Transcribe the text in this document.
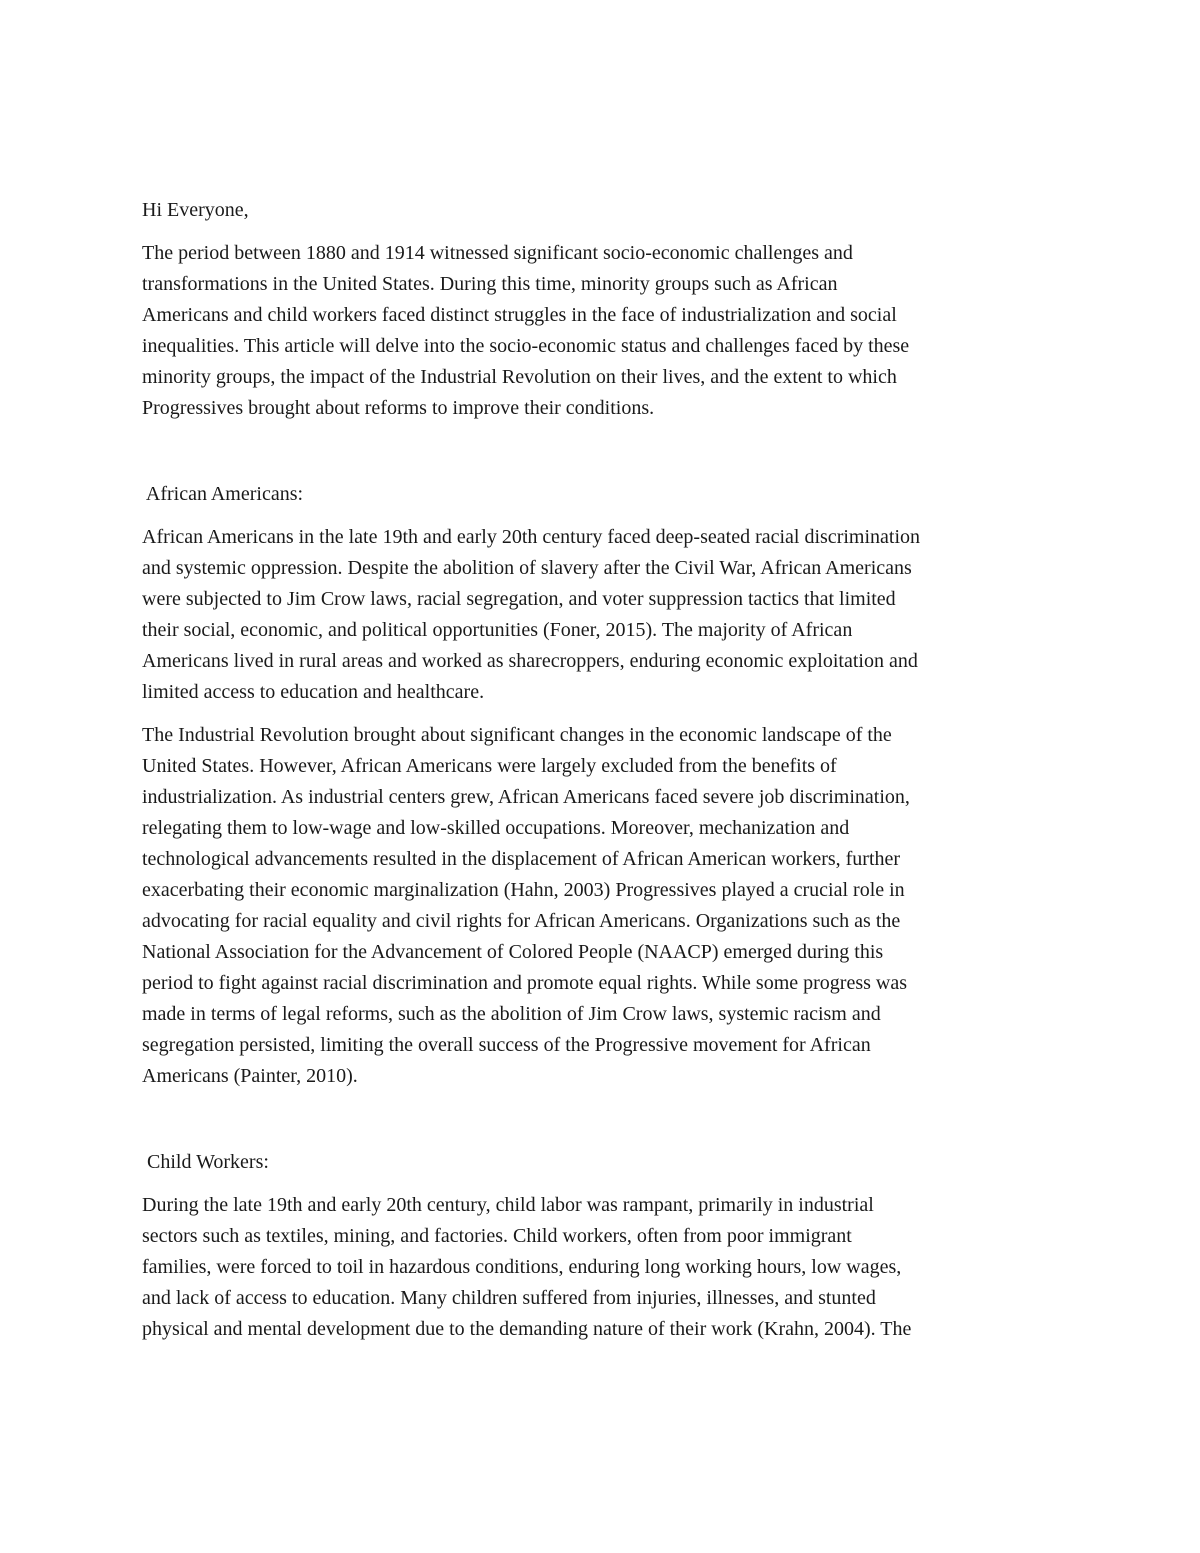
Hi Everyone,

The period between 1880 and 1914 witnessed significant socio-economic challenges and

transformations in the United States. During this time, minority groups such as African

Americans and child workers faced distinct struggles in the face of industrialization and social

inequalities. This article will delve into the socio-economic status and challenges faced by these

minority groups, the impact of the Industrial Revolution on their lives, and the extent to which

Progressives brought about reforms to improve their conditions.

African Americans:

African Americans in the late 19th and early 20th century faced deep-seated racial discrimination

and systemic oppression. Despite the abolition of slavery after the Civil War, African Americans

were subjected to Jim Crow laws, racial segregation, and voter suppression tactics that limited

their social, economic, and political opportunities (Foner, 2015). The majority of African

Americans lived in rural areas and worked as sharecroppers, enduring economic exploitation and

limited access to education and healthcare.

The Industrial Revolution brought about significant changes in the economic landscape of the

United States. However, African Americans were largely excluded from the benefits of

industrialization. As industrial centers grew, African Americans faced severe job discrimination,

relegating them to low-wage and low-skilled occupations. Moreover, mechanization and

technological advancements resulted in the displacement of African American workers, further

exacerbating their economic marginalization (Hahn, 2003) Progressives played a crucial role in

advocating for racial equality and civil rights for African Americans. Organizations such as the

National Association for the Advancement of Colored People (NAACP) emerged during this

period to fight against racial discrimination and promote equal rights. While some progress was

made in terms of legal reforms, such as the abolition of Jim Crow laws, systemic racism and

segregation persisted, limiting the overall success of the Progressive movement for African

Americans (Painter, 2010).

Child Workers:

During the late 19th and early 20th century, child labor was rampant, primarily in industrial

sectors such as textiles, mining, and factories. Child workers, often from poor immigrant

families, were forced to toil in hazardous conditions, enduring long working hours, low wages,

and lack of access to education. Many children suffered from injuries, illnesses, and stunted

physical and mental development due to the demanding nature of their work (Krahn, 2004). The
